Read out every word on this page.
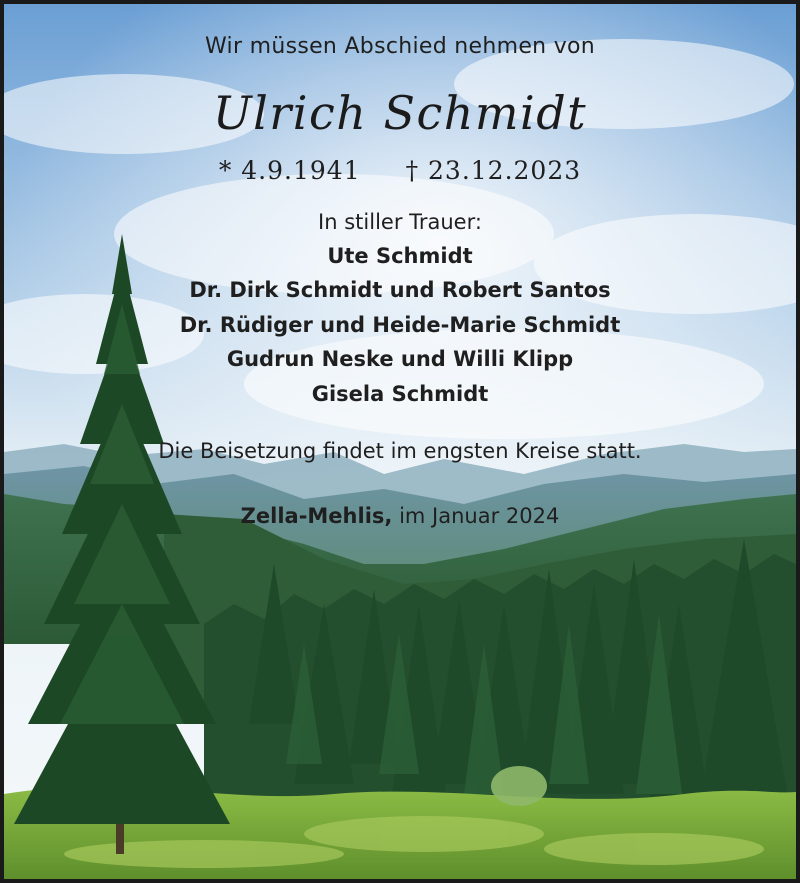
Wir müssen Abschied nehmen von
Ulrich Schmidt
* 4.9.1941 † 23.12.2023
In stiller Trauer:
Ute Schmidt
Dr. Dirk Schmidt und Robert Santos
Dr. Rüdiger und Heide-Marie Schmidt
Gudrun Neske und Willi Klipp
Gisela Schmidt
Die Beisetzung findet im engsten Kreise statt.
Zella-Mehlis, im Januar 2024
